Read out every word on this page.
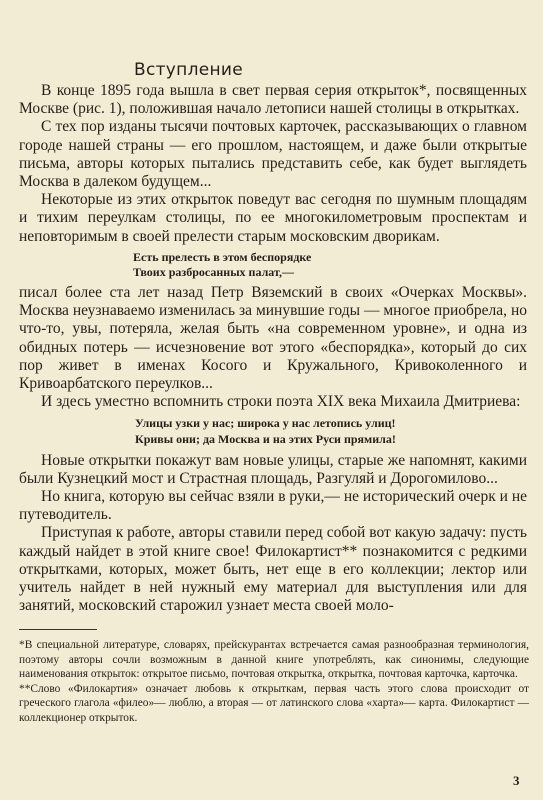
Вступление

В конце 1895 года вышла в свет первая серия открыток*, посвященных Москве (рис. 1), положившая начало летописи нашей столицы в открытках.

С тех пор изданы тысячи почтовых карточек, рассказывающих о главном городе нашей страны — его прошлом, настоящем, и даже были открытые письма, авторы которых пытались представить себе, как будет выглядеть Москва в далеком будущем...

Некоторые из этих открыток поведут вас сегодня по шумным площадям и тихим переулкам столицы, по ее многокилометровым проспектам и неповторимым в своей прелести старым московским дворикам.

Есть прелесть в этом беспорядке
Твоих разбросанных палат,—

писал более ста лет назад Петр Вяземский в своих «Очерках Москвы». Москва неузнаваемо изменилась за минувшие годы — многое приобрела, но что-то, увы, потеряла, желая быть «на современном уровне», и одна из обидных потерь — исчезновение вот этого «беспорядка», который до сих пор живет в именах Косого и Кружального, Кривоколенного и Кривоарбатского переулков...

И здесь уместно вспомнить строки поэта XIX века Михаила Дмитриева:

Улицы узки у нас; широка у нас летопись улиц!
Кривы они; да Москва и на этих Руси прямила!

Новые открытки покажут вам новые улицы, старые же напомнят, какими были Кузнецкий мост и Страстная площадь, Разгуляй и Дорогомилово...

Но книга, которую вы сейчас взяли в руки,— не исторический очерк и не путеводитель.

Приступая к работе, авторы ставили перед собой вот какую задачу: пусть каждый найдет в этой книге свое! Филокартист** познакомится с редкими открытками, которых, может быть, нет еще в его коллекции; лектор или учитель найдет в ней нужный ему материал для выступления или для занятий, московский старожил узнает места своей моло-

*В специальной литературе, словарях, прейскурантах встречается самая разнообразная терминология, поэтому авторы сочли возможным в данной книге употреблять, как синонимы, следующие наименования открыток: открытое письмо, почтовая открытка, открытка, почтовая карточка, карточка.

**Слово «Филокартия» означает любовь к открыткам, первая часть этого слова происходит от греческого глагола «филео»— люблю, а вторая — от латинского слова «харта»— карта. Филокартист — коллекционер открыток.

3
